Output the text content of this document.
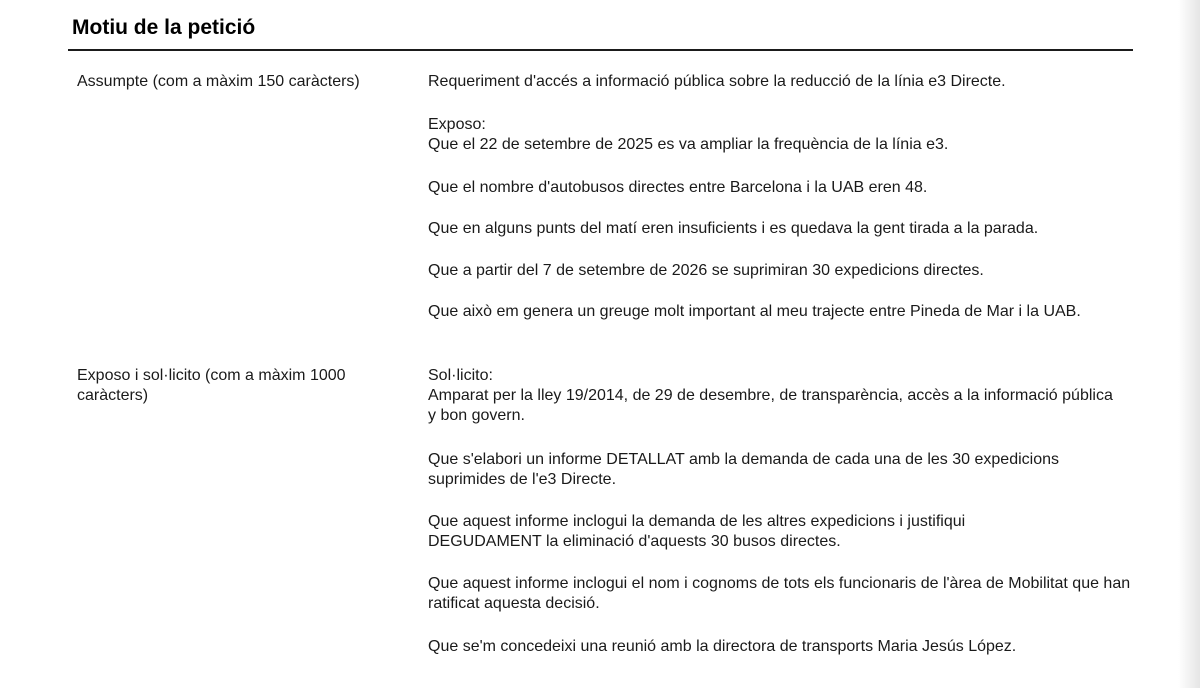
Motiu de la petició
Assumpte (com a màxim 150 caràcters)	Requeriment d'accés a informació pública sobre la reducció de la línia e3 Directe.
Exposo i sol·licito (com a màxim 1000 caràcters)
Exposo:
Que el 22 de setembre de 2025 es va ampliar la frequència de la línia e3.
Que el nombre d'autobusos directes entre Barcelona i la UAB eren 48.
Que en alguns punts del matí eren insuficients i es quedava la gent tirada a la parada.
Que a partir del 7 de setembre de 2026 se suprimiran 30 expedicions directes.
Que això em genera un greuge molt important al meu trajecte entre Pineda de Mar i la UAB.
Sol·licito:
Amparat per la lley 19/2014, de 29 de desembre, de transparència, accès a la informació pública y bon govern.
Que s'elabori un informe DETALLAT amb la demanda de cada una de les 30 expedicions suprimides de l'e3 Directe.
Que aquest informe inclogui la demanda de les altres expedicions i justifiqui DEGUDAMENT la eliminació d'aquests 30 busos directes.
Que aquest informe inclogui el nom i cognoms de tots els funcionaris de l'àrea de Mobilitat que han ratificat aquesta decisió.
Que se'm concedeixi una reunió amb la directora de transports Maria Jesús López.
